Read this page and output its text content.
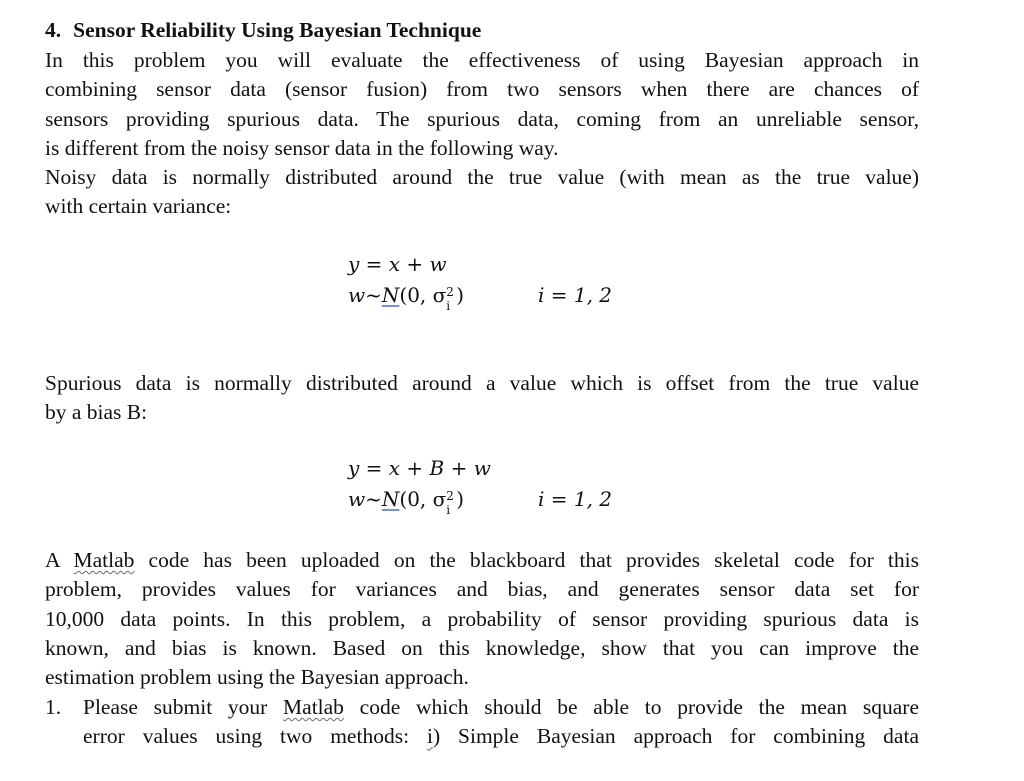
4. Sensor Reliability Using Bayesian Technique
In this problem you will evaluate the effectiveness of using Bayesian approach in
combining sensor data (sensor fusion) from two sensors when there are chances of
sensors providing spurious data. The spurious data, coming from an unreliable sensor,
is different from the noisy sensor data in the following way.
Noisy data is normally distributed around the true value (with mean as the true value)
with certain variance:
y = x + w
w~N(0, σ 2
i )	i = 1, 2
Spurious data is normally distributed around a value which is offset from the true value
by a bias B:
y = x + B + w
w~N(0, σ 2
i )	i = 1, 2
A Matlab code has been uploaded on the blackboard that provides skeletal code for this
problem, provides values for variances and bias, and generates sensor data set for
10,000 data points. In this problem, a probability of sensor providing spurious data is
known, and bias is known. Based on this knowledge, show that you can improve the
estimation problem using the Bayesian approach.
1. Please submit your Matlab code which should be able to provide the mean square
error values using two methods: i) Simple Bayesian approach for combining data
